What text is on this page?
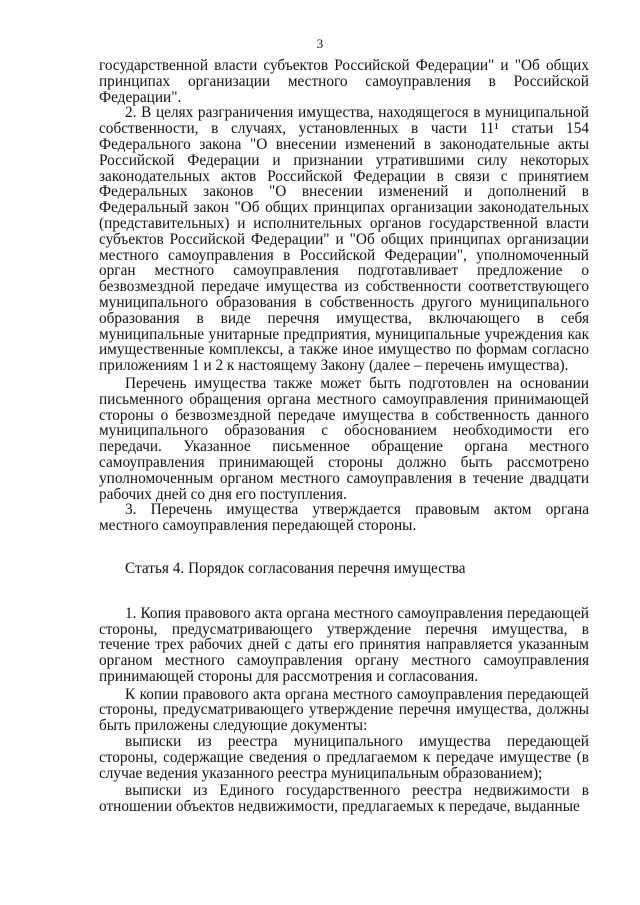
3

государственной власти субъектов Российской Федерации" и "Об общих принципах организации местного самоуправления в Российской Федерации".

2. В целях разграничения имущества, находящегося в муниципальной собственности, в случаях, установленных в части 11¹ статьи 154 Федерального закона "О внесении изменений в законодательные акты Российской Федерации и признании утратившими силу некоторых законодательных актов Российской Федерации в связи с принятием Федеральных законов "О внесении изменений и дополнений в Федеральный закон "Об общих принципах организации законодательных (представительных) и исполнительных органов государственной власти субъектов Российской Федерации" и "Об общих принципах организации местного самоуправления в Российской Федерации", уполномоченный орган местного самоуправления подготавливает предложение о безвозмездной передаче имущества из собственности соответствующего муниципального образования в собственность другого муниципального образования в виде перечня имущества, включающего в себя муниципальные унитарные предприятия, муниципальные учреждения как имущественные комплексы, а также иное имущество по формам согласно приложениям 1 и 2 к настоящему Закону (далее – перечень имущества).

Перечень имущества также может быть подготовлен на основании письменного обращения органа местного самоуправления принимающей стороны о безвозмездной передаче имущества в собственность данного муниципального образования с обоснованием необходимости его передачи. Указанное письменное обращение органа местного самоуправления принимающей стороны должно быть рассмотрено уполномоченным органом местного самоуправления в течение двадцати рабочих дней со дня его поступления.

3. Перечень имущества утверждается правовым актом органа местного самоуправления передающей стороны.

Статья 4. Порядок согласования перечня имущества

1. Копия правового акта органа местного самоуправления передающей стороны, предусматривающего утверждение перечня имущества, в течение трех рабочих дней с даты его принятия направляется указанным органом местного самоуправления органу местного самоуправления принимающей стороны для рассмотрения и согласования.

К копии правового акта органа местного самоуправления передающей стороны, предусматривающего утверждение перечня имущества, должны быть приложены следующие документы:

выписки из реестра муниципального имущества передающей стороны, содержащие сведения о предлагаемом к передаче имуществе (в случае ведения указанного реестра муниципальным образованием);

выписки из Единого государственного реестра недвижимости в отношении объектов недвижимости, предлагаемых к передаче, выданные
